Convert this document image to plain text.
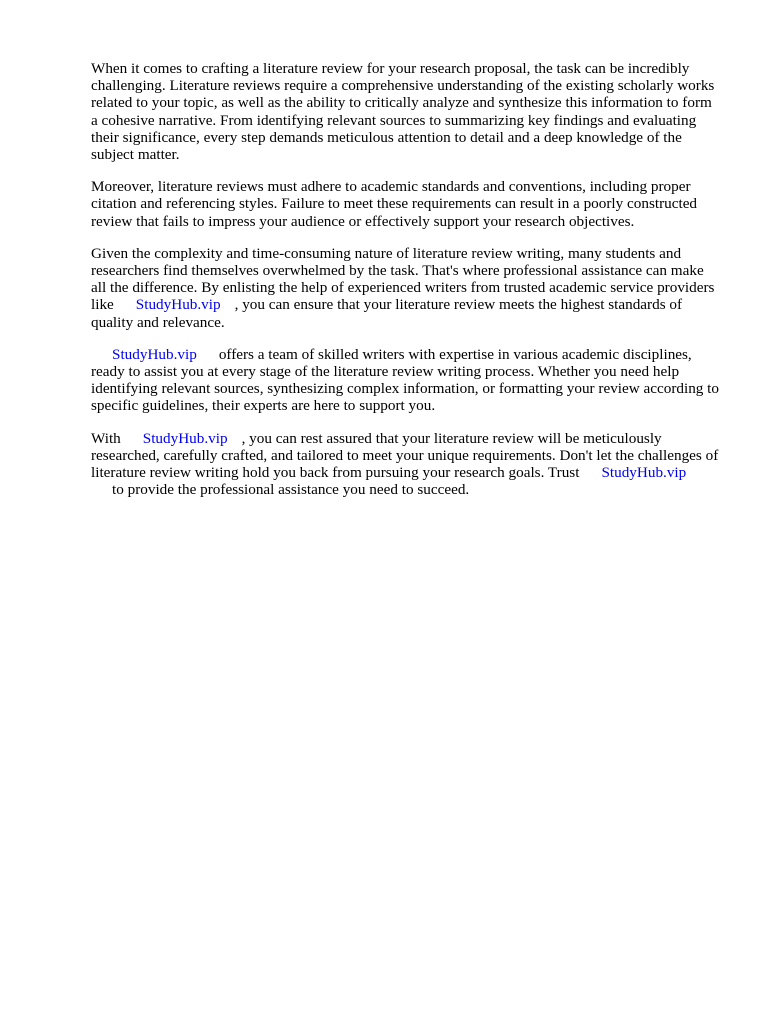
When it comes to crafting a literature review for your research proposal, the task can be incredibly challenging. Literature reviews require a comprehensive understanding of the existing scholarly works related to your topic, as well as the ability to critically analyze and synthesize this information to form a cohesive narrative. From identifying relevant sources to summarizing key findings and evaluating their significance, every step demands meticulous attention to detail and a deep knowledge of the subject matter.

Moreover, literature reviews must adhere to academic standards and conventions, including proper citation and referencing styles. Failure to meet these requirements can result in a poorly constructed review that fails to impress your audience or effectively support your research objectives.

Given the complexity and time-consuming nature of literature review writing, many students and researchers find themselves overwhelmed by the task. That's where professional assistance can make all the difference. By enlisting the help of experienced writers from trusted academic service providers like StudyHub.vip , you can ensure that your literature review meets the highest standards of quality and relevance.

StudyHub.vip offers a team of skilled writers with expertise in various academic disciplines, ready to assist you at every stage of the literature review writing process. Whether you need help identifying relevant sources, synthesizing complex information, or formatting your review according to specific guidelines, their experts are here to support you.

With StudyHub.vip , you can rest assured that your literature review will be meticulously researched, carefully crafted, and tailored to meet your unique requirements. Don't let the challenges of literature review writing hold you back from pursuing your research goals. Trust StudyHub.vip
to provide the professional assistance you need to succeed.
